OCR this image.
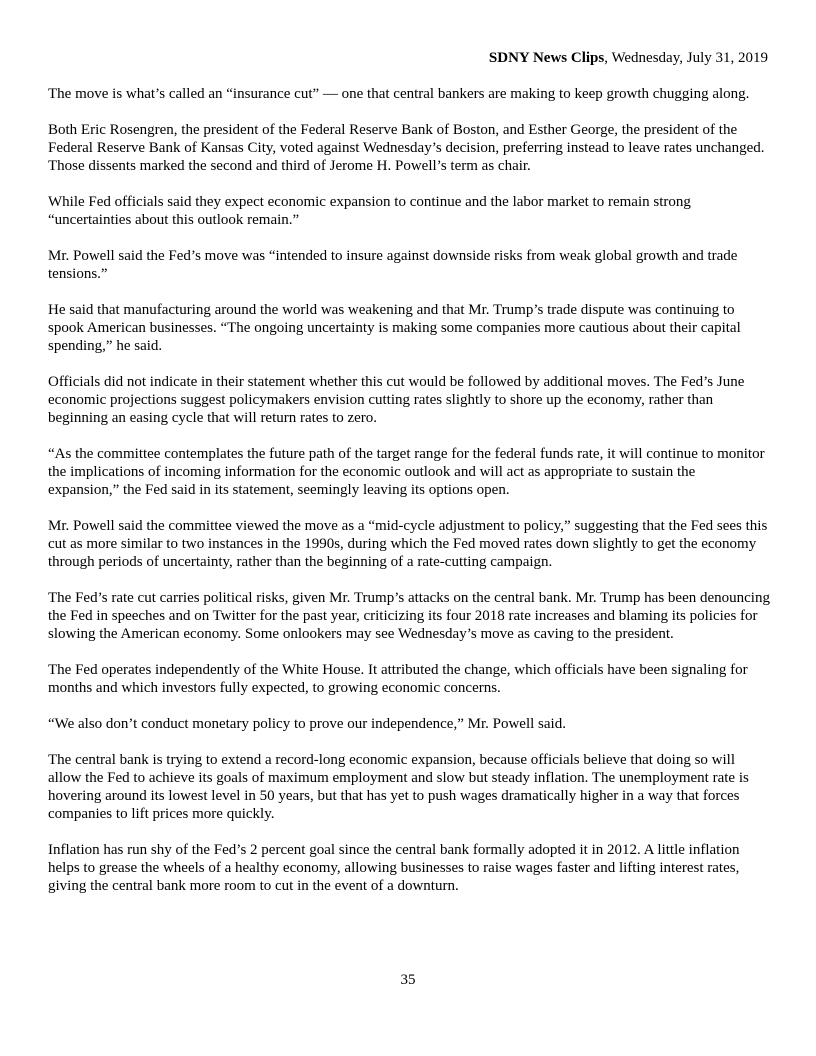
SDNY News Clips, Wednesday, July 31, 2019

The move is what’s called an “insurance cut” — one that central bankers are making to keep growth chugging along.

Both Eric Rosengren, the president of the Federal Reserve Bank of Boston, and Esther George, the president of the Federal Reserve Bank of Kansas City, voted against Wednesday’s decision, preferring instead to leave rates unchanged. Those dissents marked the second and third of Jerome H. Powell’s term as chair.

While Fed officials said they expect economic expansion to continue and the labor market to remain strong “uncertainties about this outlook remain.”

Mr. Powell said the Fed’s move was “intended to insure against downside risks from weak global growth and trade tensions.”

He said that manufacturing around the world was weakening and that Mr. Trump’s trade dispute was continuing to spook American businesses. “The ongoing uncertainty is making some companies more cautious about their capital spending,” he said.

Officials did not indicate in their statement whether this cut would be followed by additional moves. The Fed’s June economic projections suggest policymakers envision cutting rates slightly to shore up the economy, rather than beginning an easing cycle that will return rates to zero.

“As the committee contemplates the future path of the target range for the federal funds rate, it will continue to monitor the implications of incoming information for the economic outlook and will act as appropriate to sustain the expansion,” the Fed said in its statement, seemingly leaving its options open.

Mr. Powell said the committee viewed the move as a “mid-cycle adjustment to policy,” suggesting that the Fed sees this cut as more similar to two instances in the 1990s, during which the Fed moved rates down slightly to get the economy through periods of uncertainty, rather than the beginning of a rate-cutting campaign.

The Fed’s rate cut carries political risks, given Mr. Trump’s attacks on the central bank. Mr. Trump has been denouncing the Fed in speeches and on Twitter for the past year, criticizing its four 2018 rate increases and blaming its policies for slowing the American economy. Some onlookers may see Wednesday’s move as caving to the president.

The Fed operates independently of the White House. It attributed the change, which officials have been signaling for months and which investors fully expected, to growing economic concerns.

“We also don’t conduct monetary policy to prove our independence,” Mr. Powell said.

The central bank is trying to extend a record-long economic expansion, because officials believe that doing so will allow the Fed to achieve its goals of maximum employment and slow but steady inflation. The unemployment rate is hovering around its lowest level in 50 years, but that has yet to push wages dramatically higher in a way that forces companies to lift prices more quickly.

Inflation has run shy of the Fed’s 2 percent goal since the central bank formally adopted it in 2012. A little inflation helps to grease the wheels of a healthy economy, allowing businesses to raise wages faster and lifting interest rates, giving the central bank more room to cut in the event of a downturn.

35
